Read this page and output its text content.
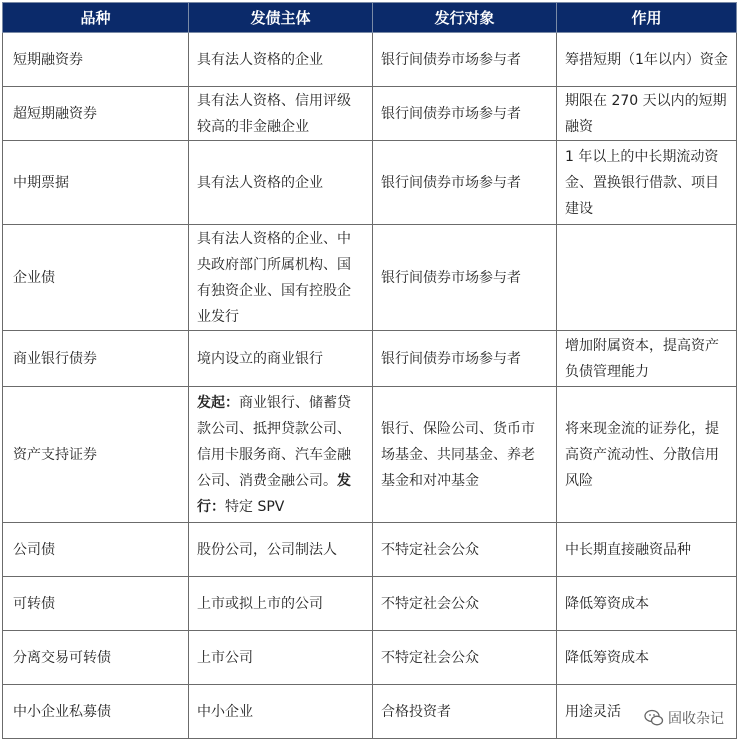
品种	发债主体	发行对象	作用
短期融资券	具有法人资格的企业	银行间债券市场参与者	筹措短期（1年以内）资金
超短期融资券	具有法人资格、信用评级较高的非金融企业	银行间债券市场参与者	期限在 270 天以内的短期融资
中期票据	具有法人资格的企业	银行间债券市场参与者	1 年以上的中长期流动资金、置换银行借款、项目建设
企业债	具有法人资格的企业、中央政府部门所属机构、国有独资企业、国有控股企业发行	银行间债券市场参与者	
商业银行债券	境内设立的商业银行	银行间债券市场参与者	增加附属资本，提高资产负债管理能力
资产支持证券	发起：商业银行、储蓄贷款公司、抵押贷款公司、信用卡服务商、汽车金融公司、消费金融公司。发行：特定 SPV	银行、保险公司、货币市场基金、共同基金、养老基金和对冲基金	将来现金流的证券化，提高资产流动性、分散信用风险
公司债	股份公司，公司制法人	不特定社会公众	中长期直接融资品种
可转债	上市或拟上市的公司	不特定社会公众	降低筹资成本
分离交易可转债	上市公司	不特定社会公众	降低筹资成本
中小企业私募债	中小企业	合格投资者	用途灵活	固收杂记
